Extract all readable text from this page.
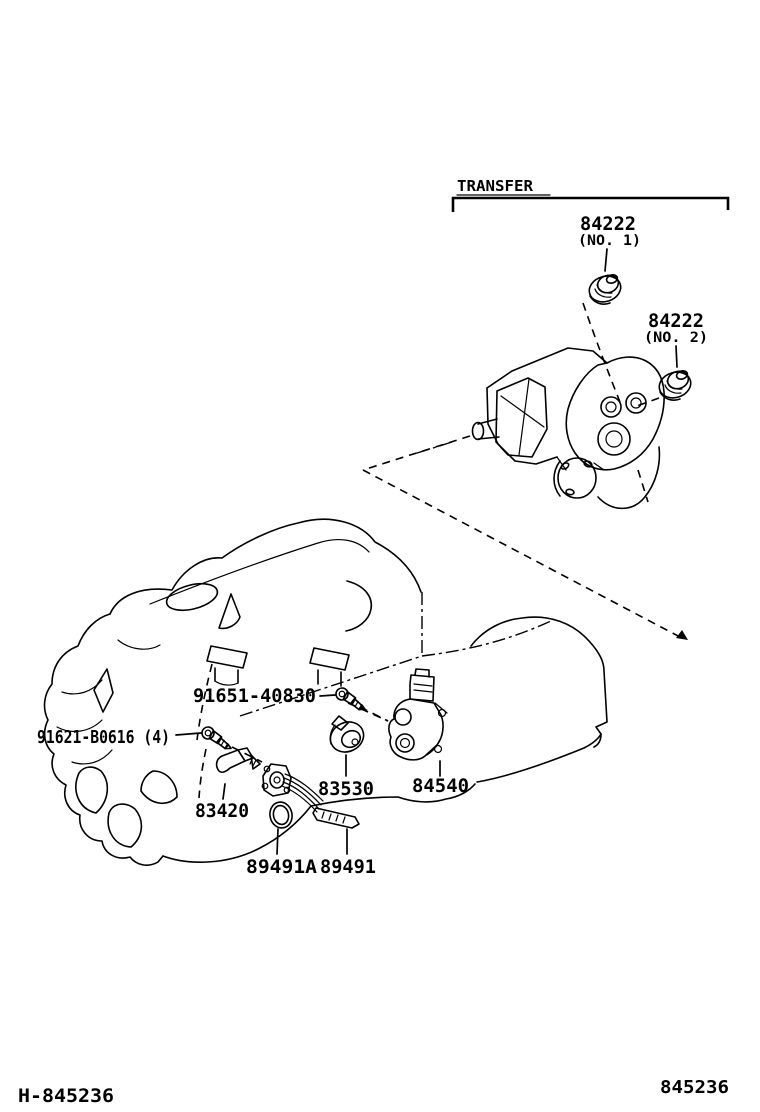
TRANSFER
84222
(NO. 1)
84222
(NO. 2)
91651-40830
91621-B0616 (4)
83420
83530 84540
89491A 89491
H-845236	845236
